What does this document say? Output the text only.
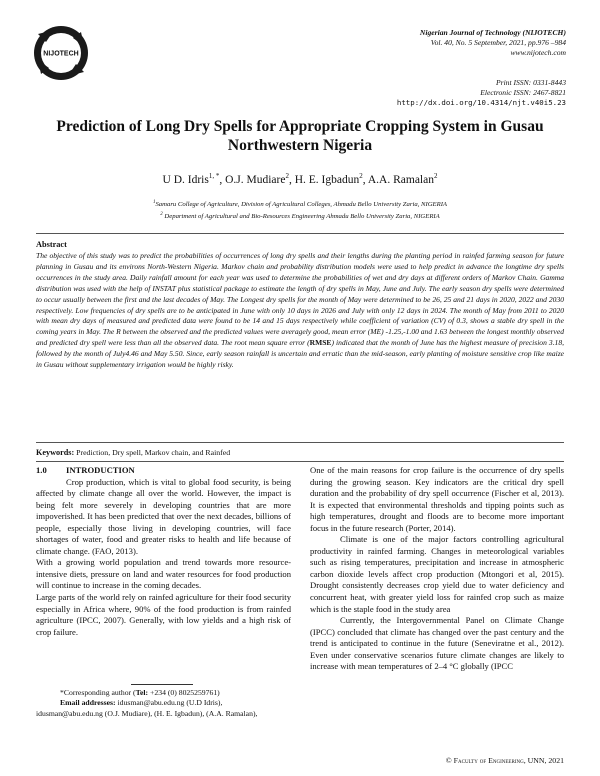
NIJOTECH
Nigerian Journal of Technology (NIJOTECH)
Vol. 40, No. 5 September, 2021, pp.976 –984
www.nijotech.com
Print ISSN: 0331-8443
Electronic ISSN: 2467-8821
http://dx.doi.org/10.4314/njt.v40i5.23
Prediction of Long Dry Spells for Appropriate Cropping System in Gusau Northwestern Nigeria
U D. Idris$^{1, *}$, O.J. Mudiare$^2$, H. E. Igbadun$^2$, A.A. Ramalan$^2$
$^1$Samaru College of Agriculture, Division of Agricultural Colleges, Ahmadu Bello University Zaria, NIGERIA
$^2$ Department of Agricultural and Bio-Resources Engineering Ahmadu Bello University Zaria, NIGERIA
Abstract
The objective of this study was to predict the probabilities of occurrences of long dry spells and their lengths during the planting period in rainfed farming season for future planning in Gusau and its environs North-Western Nigeria. Markov chain and probability distribution models were used to help predict in advance the longtime dry spells occurrences in the study area. Daily rainfall amount for each year was used to determine the probabilities of wet and dry days at different orders of Markov Chain. Gamma distribution was used with the help of INSTAT plus statistical package to estimate the length of dry spells in May, June and July. The early season dry spells were determined to occur usually between the first and the last decades of May. The Longest dry spells for the month of May were determined to be 26, 25 and 21 days in 2020, 2022 and 2030 respectively. Low frequencies of dry spells are to be anticipated in June with only 10 days in 2026 and July with only 12 days in 2024. The month of May from 2011 to 2020 with mean dry days of measured and predicted data were found to be 14 and 15 days respectively while coefficient of variation (CV) of 0.3, shows a stable dry spell in the coming years in May. The R between the observed and the predicted values were averagely good, mean error (ME) -1.25,-1.00 and 1.63 between the longest monthly observed and predicted dry spell were less than all the observed data. The root mean square error (RMSE) indicated that the month of June has the highest measure of precision 3.18, followed by the month of July4.46 and May 5.50. Since, early season rainfall is uncertain and erratic than the mid-season, early planting of moisture sensitive crop like maize in Gusau without supplementary irrigation would be highly risky.
Keywords: Prediction, Dry spell, Markov chain, and Rainfed
1.0	INTRODUCTION

Crop production, which is vital to global food security, is being affected by climate change all over the world. However, the impact is being felt more severely in developing countries that are more impoverished. It has been predicted that over the next decades, billions of people, especially those living in developing countries, will face shortages of water, food and greater risks to health and life because of climate change. (FAO, 2013).

With a growing world population and trend towards more resource-intensive diets, pressure on land and water resources for food production will continue to increase in the coming decades.

Large parts of the world rely on rainfed agriculture for their food security especially in Africa where, 90% of the food production is from rainfed agriculture (IPCC, 2007). Generally, with low yields and a high risk of crop failure.

*Corresponding author (Tel: +234 (0) 8025259761)
Email addresses: idusman@abu.edu.ng (U.D Idris), idusman@abu.edu.ng (O.J. Mudiare), (H. E. Igbadun), (A.A. Ramalan),

One of the main reasons for crop failure is the occurrence of dry spells during the growing season. Key indicators are the critical dry spell duration and the probability of dry spell occurrence (Fischer et al, 2013). It is expected that environmental thresholds and tipping points such as high temperatures, drought and floods are to become more important focus in the future research (Porter, 2014).

Climate is one of the major factors controlling agricultural productivity in rainfed farming. Changes in meteorological variables such as rising temperatures, precipitation and increase in atmospheric carbon dioxide levels affect crop production (Mtongori et al, 2015). Drought consistently decreases crop yield due to water deficiency and concurrent heat, with greater yield loss for rainfed crop such as maize which is the staple food in the study area

Currently, the Intergovernmental Panel on Climate Change (IPCC) concluded that climate has changed over the past century and the trend is anticipated to continue in the future (Seneviratne et al., 2012). Even under conservative scenarios future climate changes are likely to increase with mean temperatures of 2–4 °C globally (IPCC

© Faculty of Engineering, UNN, 2021
